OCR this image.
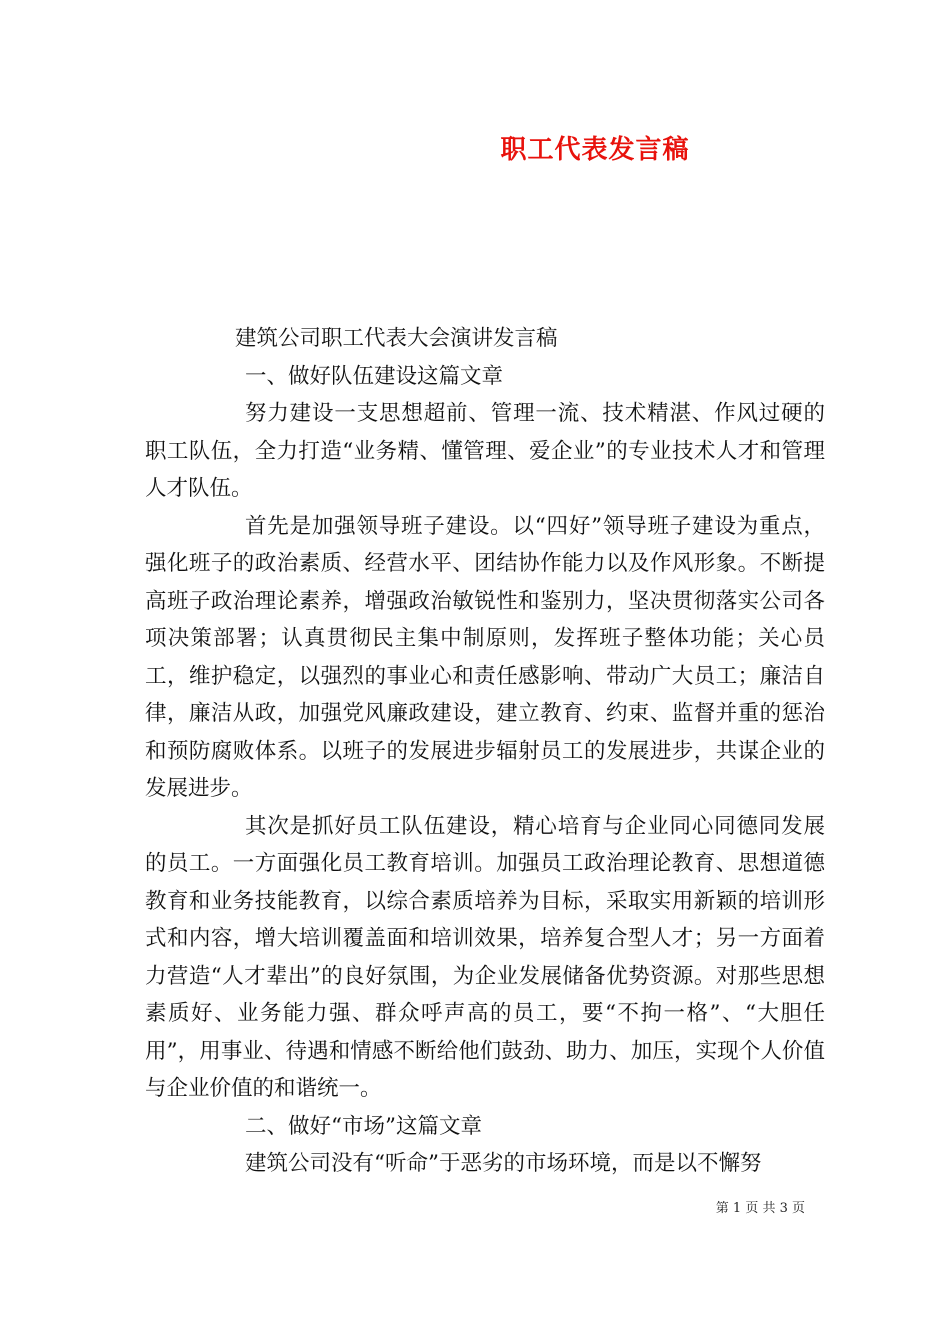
职工代表发言稿

建筑公司职工代表大会演讲发言稿

一、做好队伍建设这篇文章

努力建设一支思想超前、管理一流、技术精湛、作风过硬的职工队伍，全力打造“业务精、懂管理、爱企业”的专业技术人才和管理人才队伍。

首先是加强领导班子建设。以“四好”领导班子建设为重点，强化班子的政治素质、经营水平、团结协作能力以及作风形象。不断提高班子政治理论素养，增强政治敏锐性和鉴别力，坚决贯彻落实公司各项决策部署；认真贯彻民主集中制原则，发挥班子整体功能；关心员工，维护稳定，以强烈的事业心和责任感影响、带动广大员工；廉洁自律，廉洁从政，加强党风廉政建设，建立教育、约束、监督并重的惩治和预防腐败体系。以班子的发展进步辐射员工的发展进步，共谋企业的发展进步。

其次是抓好员工队伍建设，精心培育与企业同心同德同发展的员工。一方面强化员工教育培训。加强员工政治理论教育、思想道德教育和业务技能教育，以综合素质培养为目标，采取实用新颖的培训形式和内容，增大培训覆盖面和培训效果，培养复合型人才；另一方面着力营造“人才辈出”的良好氛围，为企业发展储备优势资源。对那些思想素质好、业务能力强、群众呼声高的员工，要“不拘一格”、“大胆任用”，用事业、待遇和情感不断给他们鼓劲、助力、加压，实现个人价值与企业价值的和谐统一。

二、做好“市场”这篇文章

建筑公司没有“听命”于恶劣的市场环境，而是以不懈努

第 1 页 共 3 页
